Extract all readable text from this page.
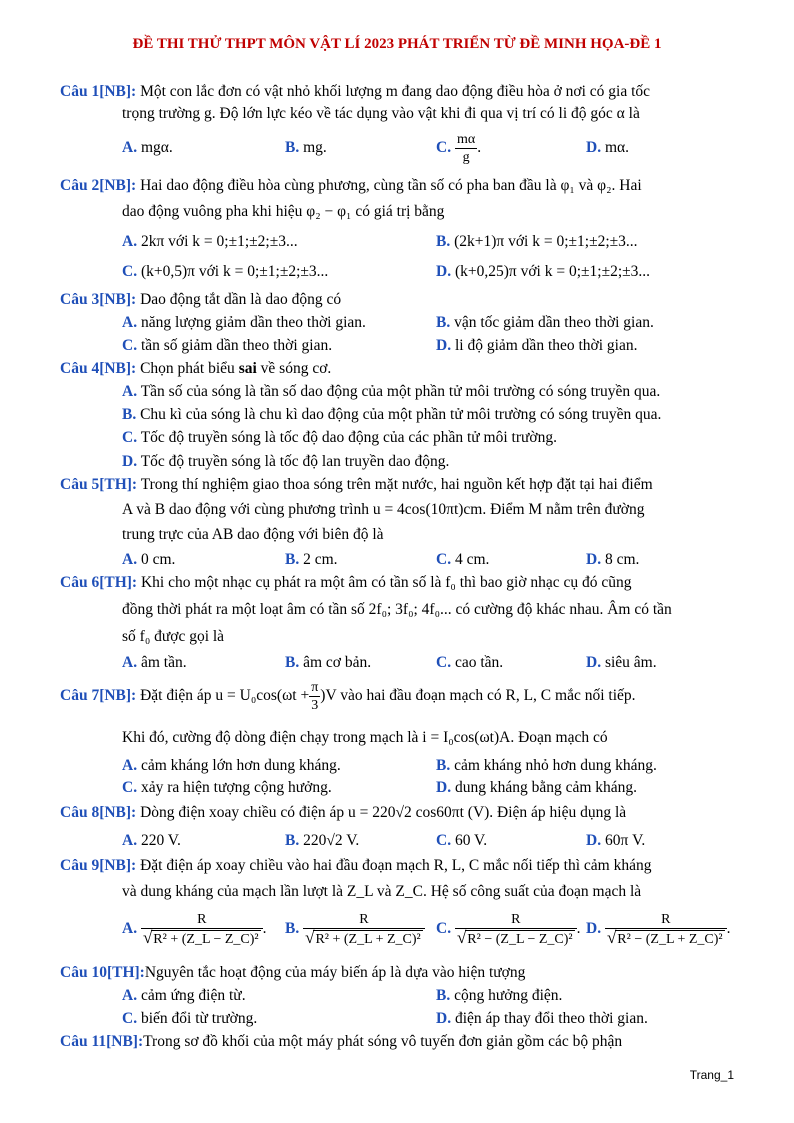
ĐỀ THI THỬ THPT MÔN VẬT LÍ 2023 PHÁT TRIỂN TỪ ĐỀ MINH HỌA-ĐỀ 1
Câu 1[NB]: Một con lắc đơn có vật nhỏ khối lượng m đang dao động điều hòa ở nơi có gia tốc
trọng trường g. Độ lớn lực kéo về tác dụng vào vật khi đi qua vị trí có li độ góc α là
A. mgα.	B. mg.	C. $\frac{m\alpha}{g}$ .	D. mα.
Câu 2[NB]: Hai dao động điều hòa cùng phương, cùng tần số có pha ban đầu là φ₁ và φ₂. Hai
dao động vuông pha khi hiệu φ₂ − φ₁ có giá trị bằng
A. 2kπ với k = 0;±1;±2;±3...	B. (2k+1)π với k = 0;±1;±2;±3...
C. (k+0,5)π với k = 0;±1;±2;±3...	D. (k+0,25)π với k = 0;±1;±2;±3...
Câu 3[NB]: Dao động tắt dần là dao động có
A. năng lượng giảm dần theo thời gian.	B. vận tốc giảm dần theo thời gian.
C. tần số giảm dần theo thời gian.	D. li độ giảm dần theo thời gian.
Câu 4[NB]: Chọn phát biểu sai về sóng cơ.
A. Tần số của sóng là tần số dao động của một phần tử môi trường có sóng truyền qua.
B. Chu kì của sóng là chu kì dao động của một phần tử môi trường có sóng truyền qua.
C. Tốc độ truyền sóng là tốc độ dao động của các phần tử môi trường.
D. Tốc độ truyền sóng là tốc độ lan truyền dao động.
Câu 5[TH]: Trong thí nghiệm giao thoa sóng trên mặt nước, hai nguồn kết hợp đặt tại hai điểm
A và B dao động với cùng phương trình u = 4cos(10πt)cm. Điểm M nằm trên đường
trung trực của AB dao động với biên độ là
A. 0 cm.	B. 2 cm.	C. 4 cm.	D. 8 cm.
Câu 6[TH]: Khi cho một nhạc cụ phát ra một âm có tần số là f₀ thì bao giờ nhạc cụ đó cũng
đồng thời phát ra một loạt âm có tần số 2f₀; 3f₀; 4f₀... có cường độ khác nhau. Âm có tần
số f₀ được gọi là
A. âm tần.	B. âm cơ bản.	C. cao tần.	D. siêu âm.
Câu 7[NB]: Đặt điện áp $u = U_0\cos(\omega t + \frac{\pi}{3} )V$ vào hai đầu đoạn mạch có R, L, C mắc nối tiếp.
Khi đó, cường độ dòng điện chạy trong mạch là i = I₀cos(ωt)A. Đoạn mạch có
A. cảm kháng lớn hơn dung kháng.	B. cảm kháng nhỏ hơn dung kháng.
C. xảy ra hiện tượng cộng hưởng.	D. dung kháng bằng cảm kháng.
Câu 8[NB]: Dòng điện xoay chiều có điện áp u = 220√2 cos60πt (V). Điện áp hiệu dụng là
A. 220 V.	B. 220√2 V.	C. 60 V.	D. 60π V.
Câu 9[NB]: Đặt điện áp xoay chiều vào hai đầu đoạn mạch R, L, C mắc nối tiếp thì cảm kháng
và dung kháng của mạch lần lượt là Z_L và Z_C. Hệ số công suất của đoạn mạch là
A. $\frac{R}{\text{√R² + (Z\_L − Z\_C)²}}$ . B. $\frac{R}{\text{√R² + (Z\_L + Z\_C)²}} C$. $\frac{R}{\text{√R² − (Z\_L − Z\_C)²}}$ . D. $\frac{R}{\text{√R² − (Z\_L + Z\_C)²}}$ .
Câu 10[TH]:Nguyên tắc hoạt động của máy biến áp là dựa vào hiện tượng
A. cảm ứng điện từ.	B. cộng hưởng điện.
C. biến đổi từ trường.	D. điện áp thay đổi theo thời gian.
Câu 11[NB]:Trong sơ đồ khối của một máy phát sóng vô tuyến đơn giản gồm các bộ phận
Trang_1
